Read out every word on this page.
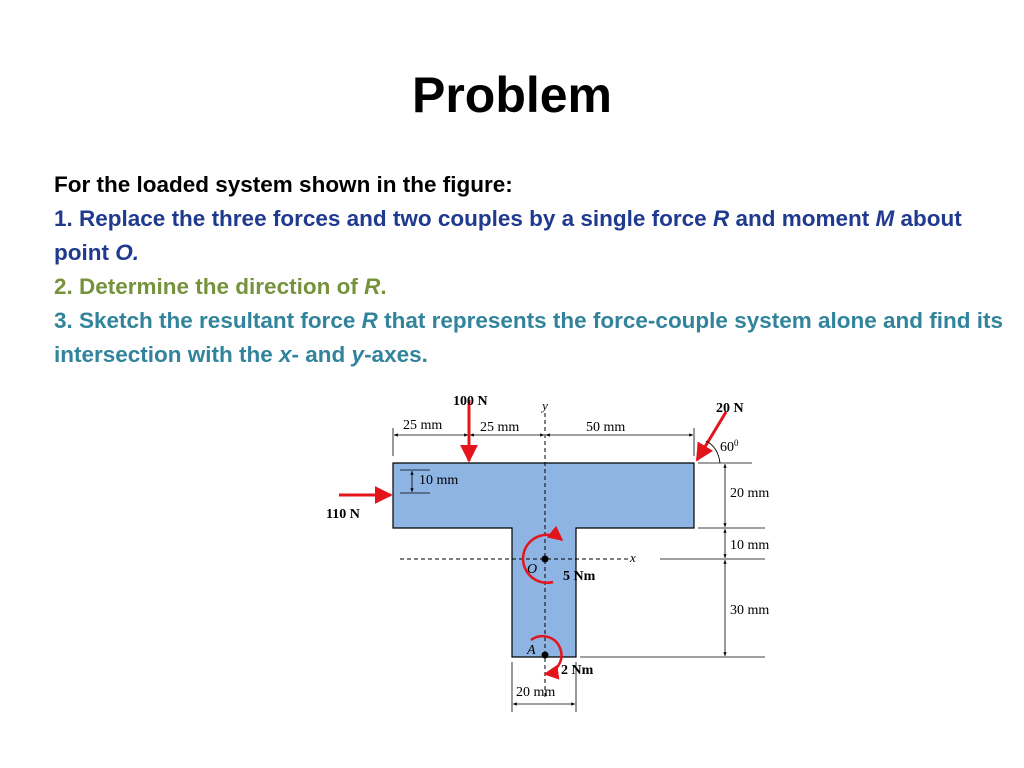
Problem

For the loaded system shown in the figure:

1. Replace the three forces and two couples by a single force R and moment M about point O.

2. Determine the direction of R.

3. Sketch the resultant force R that represents the force-couple system alone and find its intersection with the x- and y-axes.

y
x
O
A
25 mm	25 mm	50 mm
10 mm
20 mm
10 mm
30 mm
20 mm
100 N
110 N
20 N
$60^0$
5 Nm
2 Nm
